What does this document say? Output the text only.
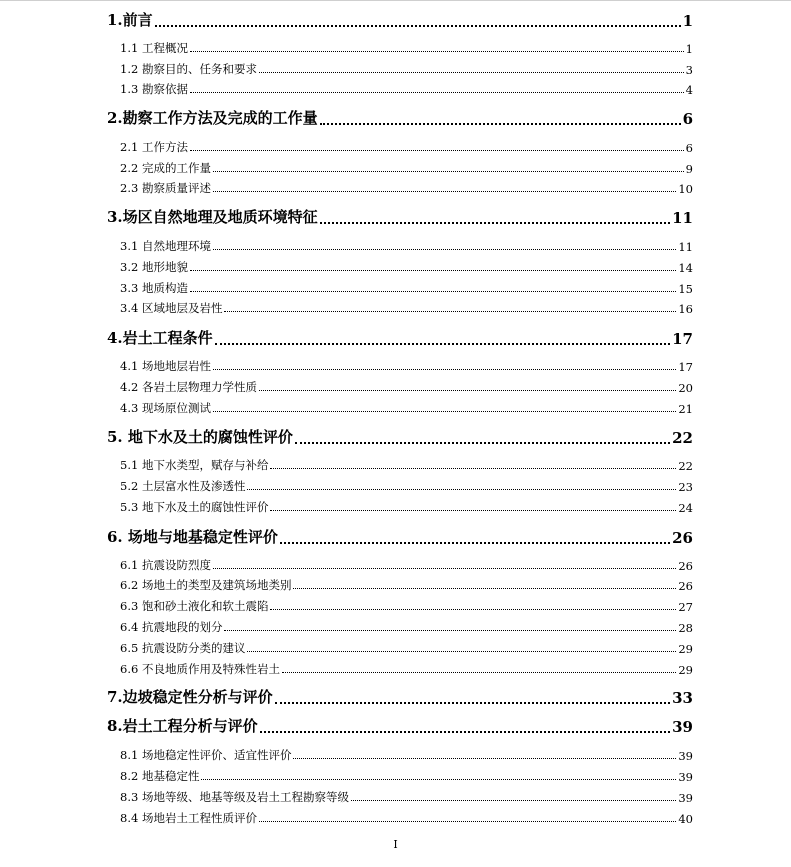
1.前言	1
1.1 工程概况	1
1.2 勘察目的、任务和要求	3
1.3 勘察依据	4
2.勘察工作方法及完成的工作量	6
2.1 工作方法	6
2.2 完成的工作量	9
2.3 勘察质量评述	10
3.场区自然地理及地质环境特征	11
3.1 自然地理环境	11
3.2 地形地貌	14
3.3 地质构造	15
3.4 区域地层及岩性	16
4.岩土工程条件	17
4.1 场地地层岩性	17
4.2 各岩土层物理力学性质	20
4.3 现场原位测试	21
5. 地下水及土的腐蚀性评价	22
5.1 地下水类型，赋存与补给	22
5.2 土层富水性及渗透性	23
5.3 地下水及土的腐蚀性评价	24
6. 场地与地基稳定性评价	26
6.1 抗震设防烈度	26
6.2 场地土的类型及建筑场地类别	26
6.3 饱和砂土液化和软土震陷	27
6.4 抗震地段的划分	28
6.5 抗震设防分类的建议	29
6.6 不良地质作用及特殊性岩土	29
7.边坡稳定性分析与评价	33
8.岩土工程分析与评价	39
8.1 场地稳定性评价、适宜性评价	39
8.2 地基稳定性	39
8.3 场地等级、地基等级及岩土工程勘察等级	39
8.4 场地岩土工程性质评价	40
I
